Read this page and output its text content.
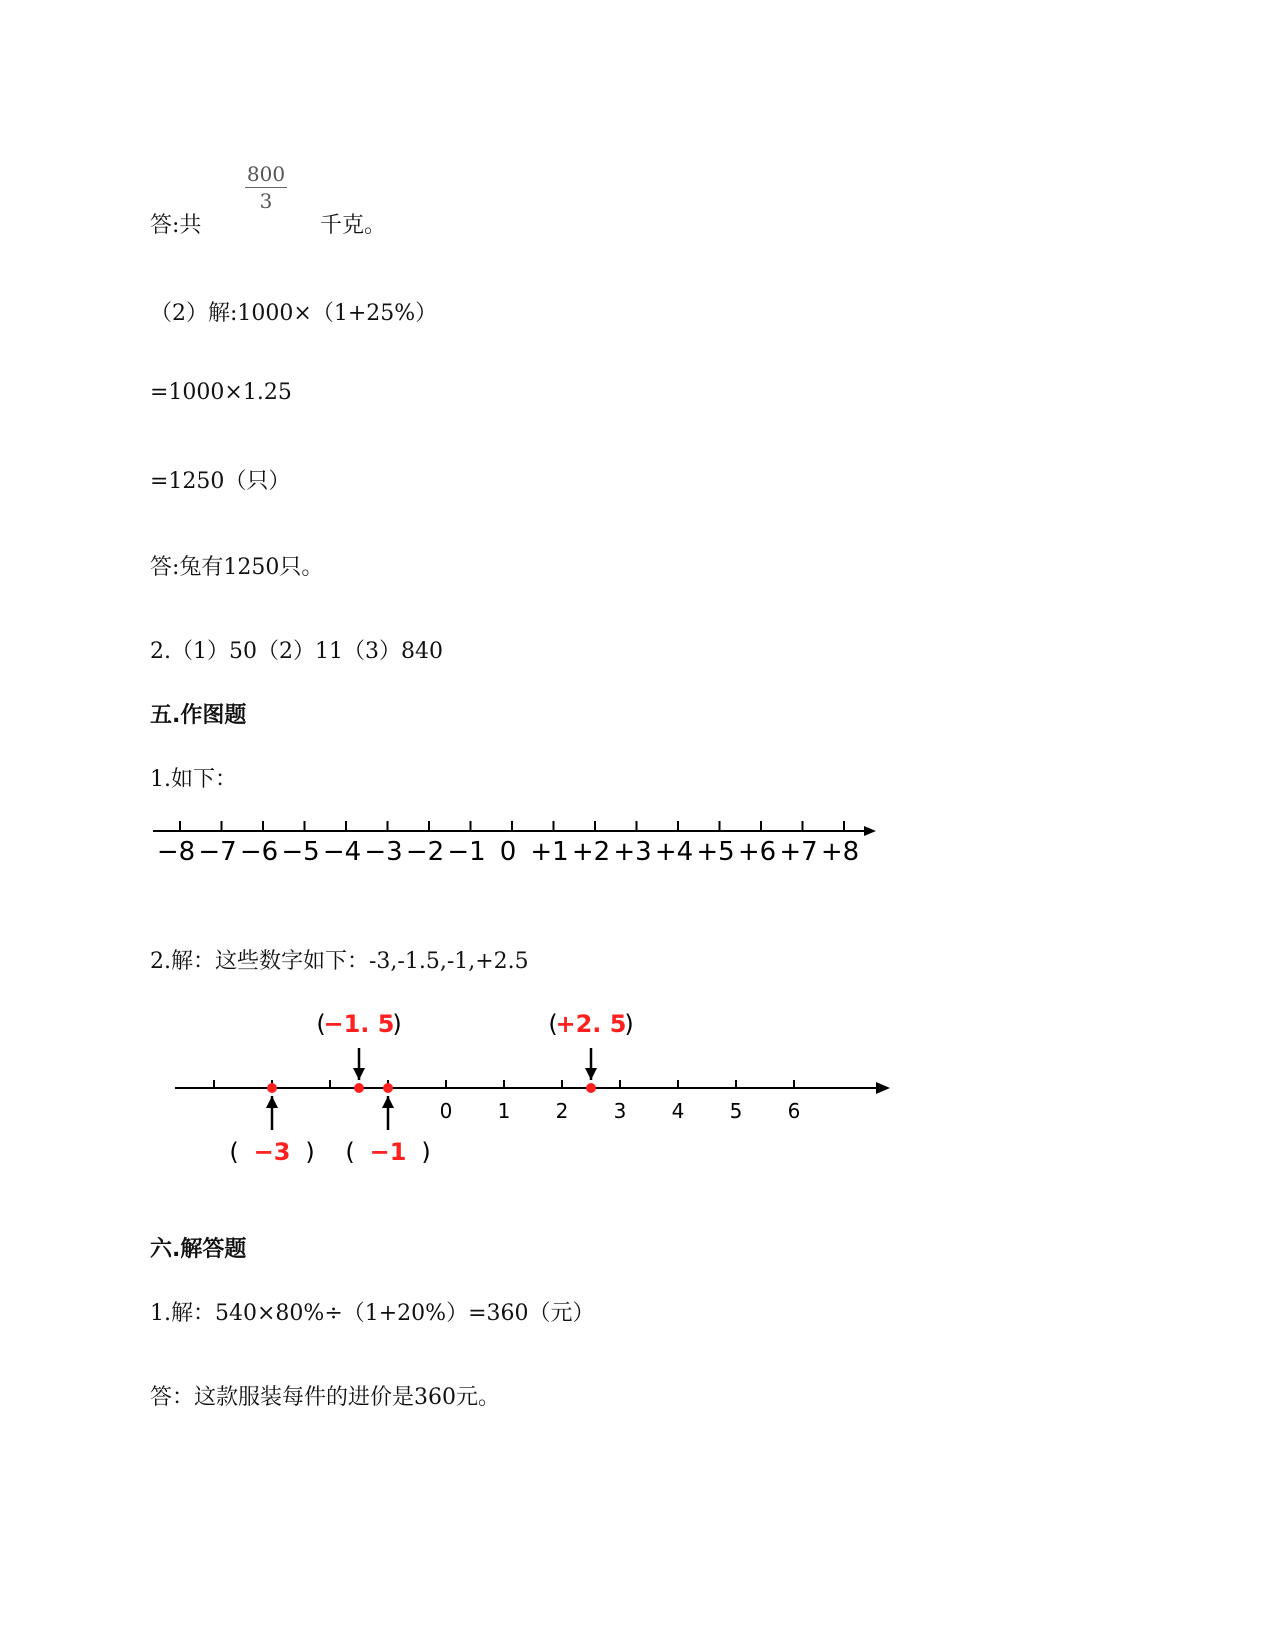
答:共
800
3
千克。
（2）解:1000×（1+25%）
=1000×1.25
=1250（只）
答:兔有1250只。
2.（1）50（2）11（3）840
五.作图题
1.如下：
−8 −7 −6 −5 −4 −3 −2 −1 0 +1 +2 +3 +4 +5 +6 +7 +8
2.解：这些数字如下：-3,-1.5,-1,+2.5
0 1 2 3 4 5 6
(	)
−3
(	)
−1. 5
(	)
−1
(	)
+2. 5
六.解答题
1.解：540×80%÷（1+20%）=360（元）
答：这款服装每件的进价是360元。
